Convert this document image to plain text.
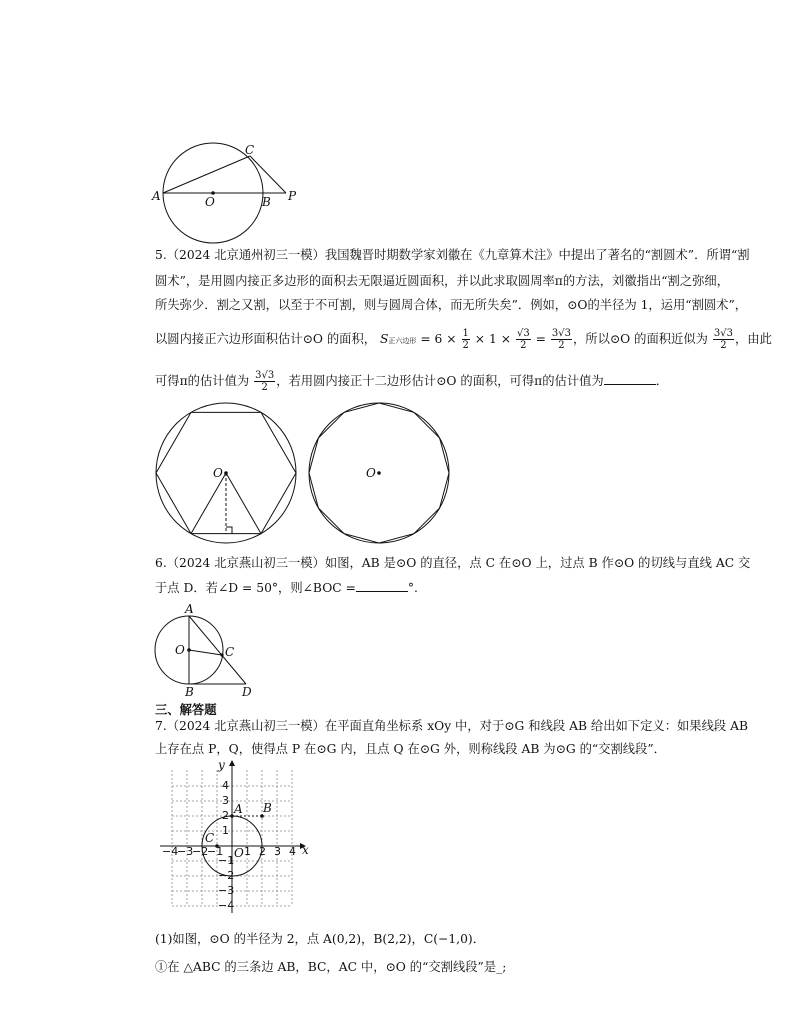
A	O	B
C
P
5.（2024 北京通州初三一模）我国魏晋时期数学家刘徽在《九章算术注》中提出了著名的“割圆术”．所谓“割
圆术”，是用圆内接正多边形的面积去无限逼近圆面积，并以此求取圆周率π的方法，刘徽指出“割之弥细，
所失弥少．割之又割，以至于不可割，则与圆周合体，而无所失矣”．例如，⊙O的半径为 1，运用“割圆术”，
以圆内接正六边形面积估计⊙O 的面积， S正六边形 = $6 \times \frac{1}{2} \times 1 \times \frac{√3}{2} = \frac{3√3}{2}$ ，所以⊙O 的面积近似为 $\frac{3√3}{2}$ ，由此
可得π的估计值为 $\frac{3√3}{2}$ ，若用圆内接正十二边形估计⊙O 的面积，可得π的估计值为	．
O	O
6.（2024 北京燕山初三一模）如图，AB 是⊙O 的直径，点 C 在⊙O 上，过点 B 作⊙O 的切线与直线 AC 交
于点 D．若∠D = 50°，则∠BOC =	°.
A
O	C
B	D
三、解答题
7.（2024 北京燕山初三一模）在平面直角坐标系 xOy 中，对于⊙G 和线段 AB 给出如下定义：如果线段 AB
上存在点 P，Q，使得点 P 在⊙G 内，且点 Q 在⊙G 外，则称线段 AB 为⊙G 的“交割线段”．
−4
−3
−2
−1 1 2 3 4
4
3
2
1
−1
−2
−3
−4
x
y
O
A B
C
(1)如图，⊙O 的半径为 2，点 A(0,2)，B(2,2)，C(−1,0)．
①在 △ABC 的三条边 AB，BC，AC 中，⊙O 的“交割线段”是_;
